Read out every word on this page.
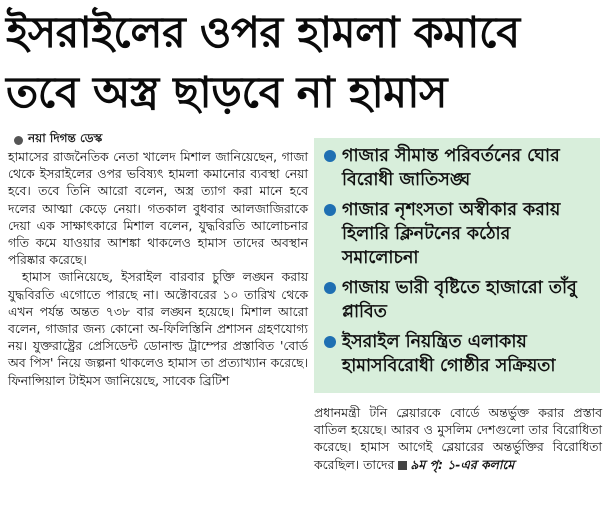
ইসরাইলের ওপর হামলা কমাবে
তবে অস্ত্র ছাড়বে না হামাস
নয়া দিগন্ত ডেস্ক

হামাসের রাজনৈতিক নেতা খালেদ মিশাল জানিয়েছেন, গাজা থেকে ইসরাইলের ওপর ভবিষ্যৎ হামলা কমানোর ব্যবস্থা নেয়া হবে। তবে তিনি আরো বলেন, অস্ত্র ত্যাগ করা মানে হবে দলের আত্মা কেড়ে নেয়া। গতকাল বুধবার আলজাজিরাকে দেয়া এক সাক্ষাৎকারে মিশাল বলেন, যুদ্ধবিরতি আলোচনার গতি কমে যাওয়ার আশঙ্কা থাকলেও হামাস তাদের অবস্থান পরিষ্কার করেছে।

হামাস জানিয়েছে, ইসরাইল বারবার চুক্তি লঙ্ঘন করায় যুদ্ধবিরতি এগোতে পারছে না। অক্টোবরের ১০ তারিখ থেকে এখন পর্যন্ত অন্তত ৭৩৮ বার লঙ্ঘন হয়েছে। মিশাল আরো বলেন, গাজার জন্য কোনো অ-ফিলিস্তিনি প্রশাসন গ্রহণযোগ্য নয়। যুক্তরাষ্ট্রের প্রেসিডেন্ট ডোনাল্ড ট্রাম্পের প্রস্তাবিত 'বোর্ড অব পিস' নিয়ে জল্পনা থাকলেও হামাস তা প্রত্যাখ্যান করেছে। ফিনান্সিয়াল টাইমস জানিয়েছে, সাবেক ব্রিটিশ

গাজার সীমান্ত পরিবর্তনের ঘোর বিরোধী জাতিসঙ্ঘ
গাজার নৃশংসতা অস্বীকার করায় হিলারি ক্লিনটনের কঠোর সমালোচনা
গাজায় ভারী বৃষ্টিতে হাজারো তাঁবু প্লাবিত
ইসরাইল নিয়ন্ত্রিত এলাকায় হামাসবিরোধী গোষ্ঠীর সক্রিয়তা

প্রধানমন্ত্রী টনি ব্লেয়ারকে বোর্ডে অন্তর্ভুক্ত করার প্রস্তাব বাতিল হয়েছে। আরব ও মুসলিম দেশগুলো তার বিরোধিতা করেছে। হামাস আগেই ব্লেয়ারের অন্তর্ভুক্তির বিরোধিতা করেছিল। তাদের ৯ম পৃ: ১-এর কলামে
